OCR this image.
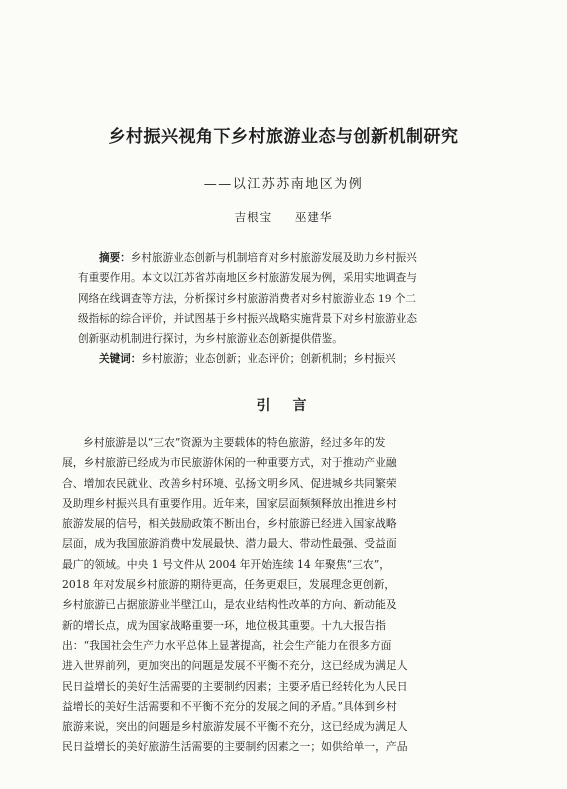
乡村振兴视角下乡村旅游业态与创新机制研究
——以江苏苏南地区为例
吉根宝 巫建华
摘要：乡村旅游业态创新与机制培育对乡村旅游发展及助力乡村振兴
有重要作用。本文以江苏省苏南地区乡村旅游发展为例，采用实地调查与
网络在线调查等方法，分析探讨乡村旅游消费者对乡村旅游业态 19 个二
级指标的综合评价，并试图基于乡村振兴战略实施背景下对乡村旅游业态
创新驱动机制进行探讨，为乡村旅游业态创新提供借鉴。
关键词：乡村旅游；业态创新；业态评价；创新机制；乡村振兴
引言
乡村旅游是以“三农”资源为主要载体的特色旅游，经过多年的发
展，乡村旅游已经成为市民旅游休闲的一种重要方式，对于推动产业融
合、增加农民就业、改善乡村环境、弘扬文明乡风、促进城乡共同繁荣
及助理乡村振兴具有重要作用。近年来，国家层面频频释放出推进乡村
旅游发展的信号，相关鼓励政策不断出台，乡村旅游已经进入国家战略
层面，成为我国旅游消费中发展最快、潜力最大、带动性最强、受益面
最广的领域。中央 1 号文件从 2004 年开始连续 14 年聚焦“三农”，
2018 年对发展乡村旅游的期待更高，任务更艰巨，发展理念更创新，
乡村旅游已占据旅游业半壁江山，是农业结构性改革的方向、新动能及
新的增长点，成为国家战略重要一环，地位极其重要。十九大报告指
出：“我国社会生产力水平总体上显著提高，社会生产能力在很多方面
进入世界前列，更加突出的问题是发展不平衡不充分，这已经成为满足人
民日益增长的美好生活需要的主要制约因素；主要矛盾已经转化为人民日
益增长的美好生活需要和不平衡不充分的发展之间的矛盾。”具体到乡村
旅游来说，突出的问题是乡村旅游发展不平衡不充分，这已经成为满足人
民日益增长的美好旅游生活需要的主要制约因素之一；如供给单一，产品
